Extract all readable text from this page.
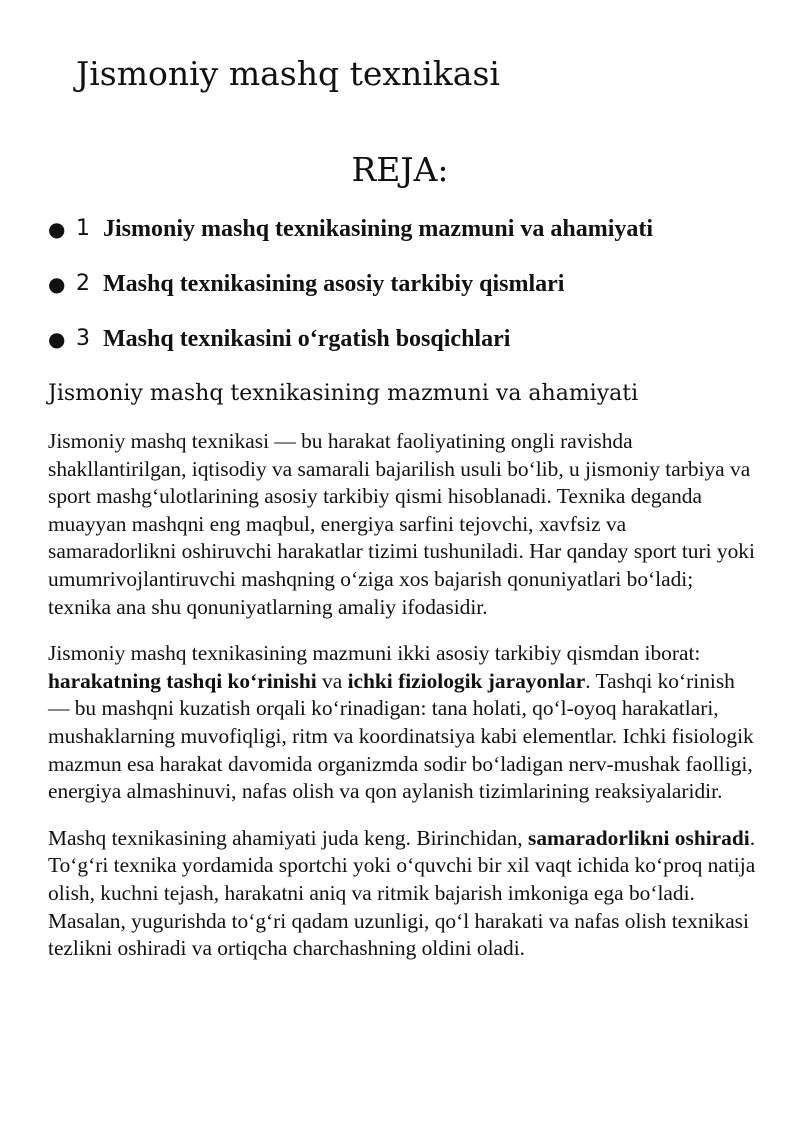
Jismoniy mashq texnikasi
REJA:
● 1 Jismoniy mashq texnikasining mazmuni va ahamiyati
● 2 Mashq texnikasining asosiy tarkibiy qismlari
● 3 Mashq texnikasini o‘rgatish bosqichlari
Jismoniy mashq texnikasining mazmuni va ahamiyati

Jismoniy mashq texnikasi — bu harakat faoliyatining ongli ravishda shakllantirilgan, iqtisodiy va samarali bajarilish usuli bo‘lib, u jismoniy tarbiya va sport mashg‘ulotlarining asosiy tarkibiy qismi hisoblanadi. Texnika deganda muayyan mashqni eng maqbul, energiya sarfini tejovchi, xavfsiz va samaradorlikni oshiruvchi harakatlar tizimi tushuniladi. Har qanday sport turi yoki umumrivojlantiruvchi mashqning o‘ziga xos bajarish qonuniyatlari bo‘ladi; texnika ana shu qonuniyatlarning amaliy ifodasidir.

Jismoniy mashq texnikasining mazmuni ikki asosiy tarkibiy qismdan iborat: harakatning tashqi ko‘rinishi va ichki fiziologik jarayonlar. Tashqi ko‘rinish — bu mashqni kuzatish orqali ko‘rinadigan: tana holati, qo‘l-oyoq harakatlari, mushaklarning muvofiqligi, ritm va koordinatsiya kabi elementlar. Ichki fisiologik mazmun esa harakat davomida organizmda sodir bo‘ladigan nerv-mushak faolligi, energiya almashinuvi, nafas olish va qon aylanish tizimlarining reaksiyalaridir.

Mashq texnikasining ahamiyati juda keng. Birinchidan, samaradorlikni oshiradi. To‘g‘ri texnika yordamida sportchi yoki o‘quvchi bir xil vaqt ichida ko‘proq natija olish, kuchni tejash, harakatni aniq va ritmik bajarish imkoniga ega bo‘ladi. Masalan, yugurishda to‘g‘ri qadam uzunligi, qo‘l harakati va nafas olish texnikasi tezlikni oshiradi va ortiqcha charchashning oldini oladi.
